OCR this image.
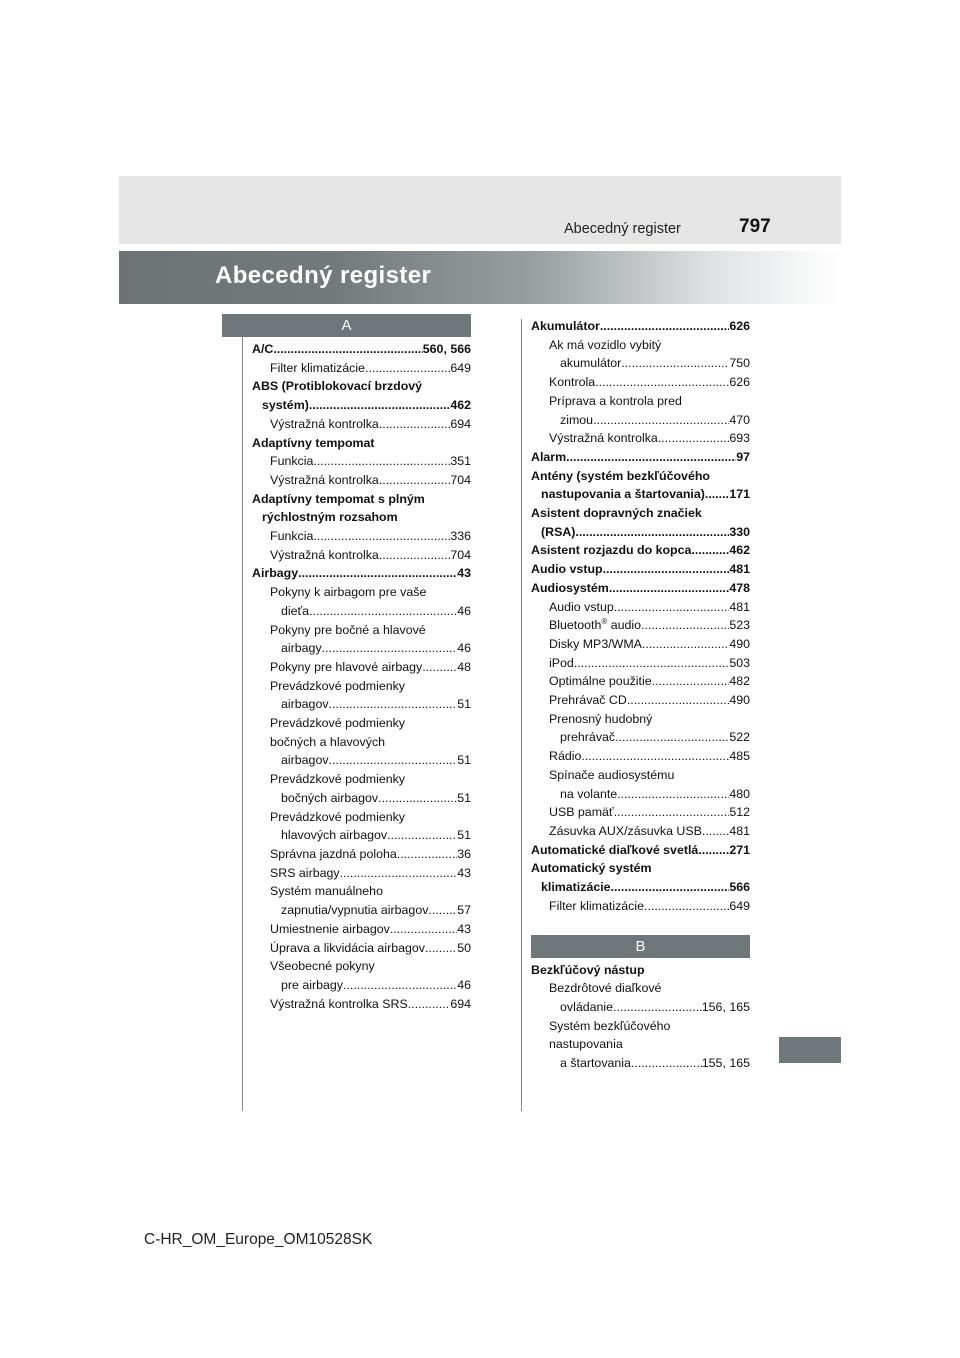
Abecedný register	797
Abecedný register
A
A/C .....	560, 566
Filter klimatizácie .....	649
ABS (Protiblokovací brzdový
systém) .....	462
Výstražná kontrolka .....	694
Adaptívny tempomat
Funkcia .....	351
Výstražná kontrolka .....	704
Adaptívny tempomat s plným
rýchlostným rozsahom
Funkcia .....	336
Výstražná kontrolka .....	704
Airbagy .....	43
Pokyny k airbagom pre vaše
dieťa .....	46
Pokyny pre bočné a hlavové
airbagy .....	46
Pokyny pre hlavové airbagy .....	48
Prevádzkové podmienky
airbagov .....	51
Prevádzkové podmienky
bočných a hlavových
airbagov .....	51
Prevádzkové podmienky
bočných airbagov .....	51
Prevádzkové podmienky
hlavových airbagov .....	51
Správna jazdná poloha .....	36
SRS airbagy .....	43
Systém manuálneho
zapnutia/vypnutia airbagov ..... 57
Umiestnenie airbagov .....	43
Úprava a likvidácia airbagov .....	50
Všeobecné pokyny
pre airbagy .....	46
Výstražná kontrolka SRS .....	694
Akumulátor .....	626
Ak má vozidlo vybitý
akumulátor .....	750
Kontrola .....	626
Príprava a kontrola pred
zimou .....	470
Výstražná kontrolka .....	693
Alarm .....	97
Antény (systém bezkľúčového
nastupovania a štartovania) ..... 171
Asistent dopravných značiek
(RSA) .....	330
Asistent rozjazdu do kopca .....	462
Audio vstup .....	481
Audiosystém .....	478
Audio vstup .....	481
Bluetooth® audio .....	523
Disky MP3/WMA .....	490
iPod .....	503
Optimálne použitie .....	482
Prehrávač CD .....	490
Prenosný hudobný
prehrávač .....	522
Rádio .....	485
Spínače audiosystému
na volante .....	480
USB pamäť .....	512
Zásuvka AUX/zásuvka USB ..... 481
Automatické diaľkové svetlá .....	271
Automatický systém
klimatizácie .....	566
Filter klimatizácie .....	649
B
Bezkľúčový nástup
Bezdrôtové diaľkové
ovládanie .....	156, 165
Systém bezkľúčového
nastupovania
a štartovania .....	155, 165
C-HR_OM_Europe_OM10528SK
